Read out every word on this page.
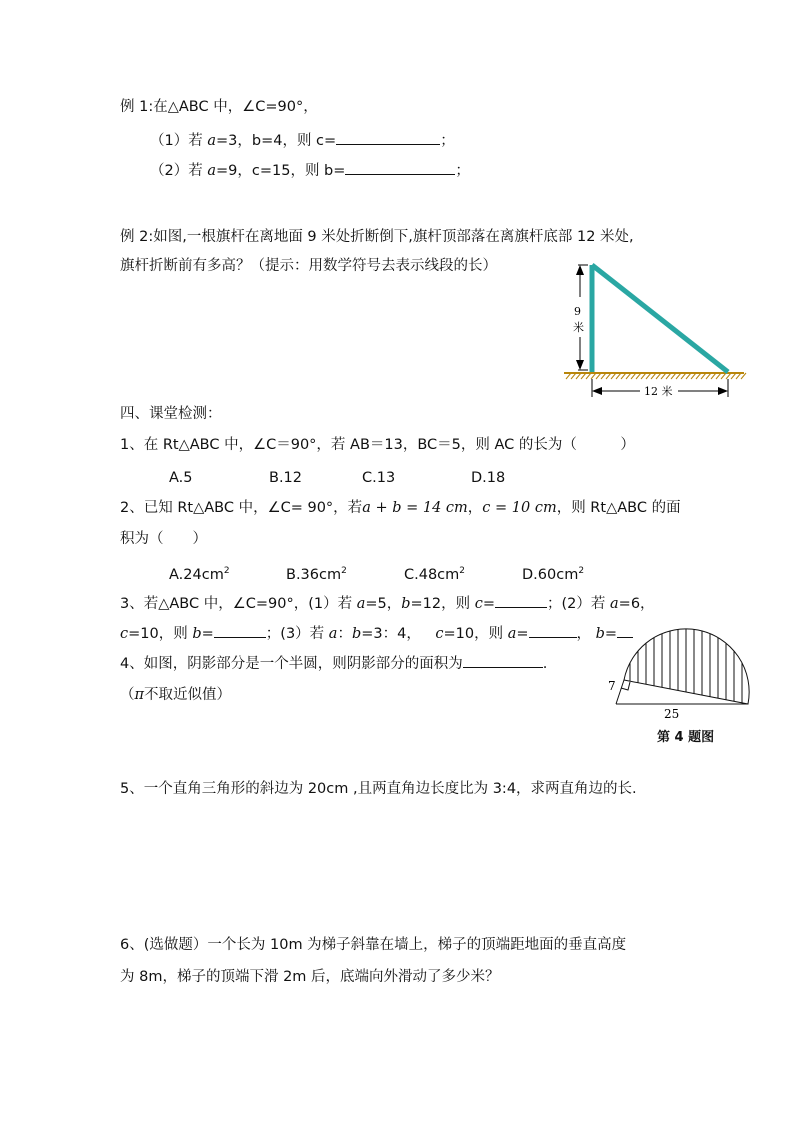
例 1:在△ABC 中，∠C=90°，
（1）若 a=3，b=4，则 c=	；
（2）若 a=9，c=15，则 b=	；
例 2:如图,一根旗杆在离地面 9 米处折断倒下,旗杆顶部落在离旗杆底部 12 米处,
旗杆折断前有多高？（提示：用数学符号去表示线段的长）
9
米
12 米
四、课堂检测：
1、在 Rt△ABC 中，∠C＝90°，若 AB＝13，BC＝5，则 AC 的长为（　　　）
A.5	B.12	C.13	D.18
2、已知 Rt△ABC 中，∠C= 90°，若a + b = 14 cm，c = 10 cm，则 Rt△ABC 的面
积为（　　）
$A.24cm^2$	$B.36cm^2$	$C.48cm^2$	$D.60cm^2$
3、若△ABC 中，∠C=90°，(1）若 a=5，b=12，则 c=	；(2）若 a=6，
c=10，则 b=	；(3）若 a：b=3：4，  c=10，则 a=	， b=
4、如图，阴影部分是一个半圆，则阴影部分的面积为	.
（π不取近似值）
7
25
第 4 题图
5、一个直角三角形的斜边为 20cm ,且两直角边长度比为 3:4，求两直角边的长.
6、(选做题）一个长为 10m 为梯子斜靠在墙上，梯子的顶端距地面的垂直高度
为 8m，梯子的顶端下滑 2m 后，底端向外滑动了多少米？
